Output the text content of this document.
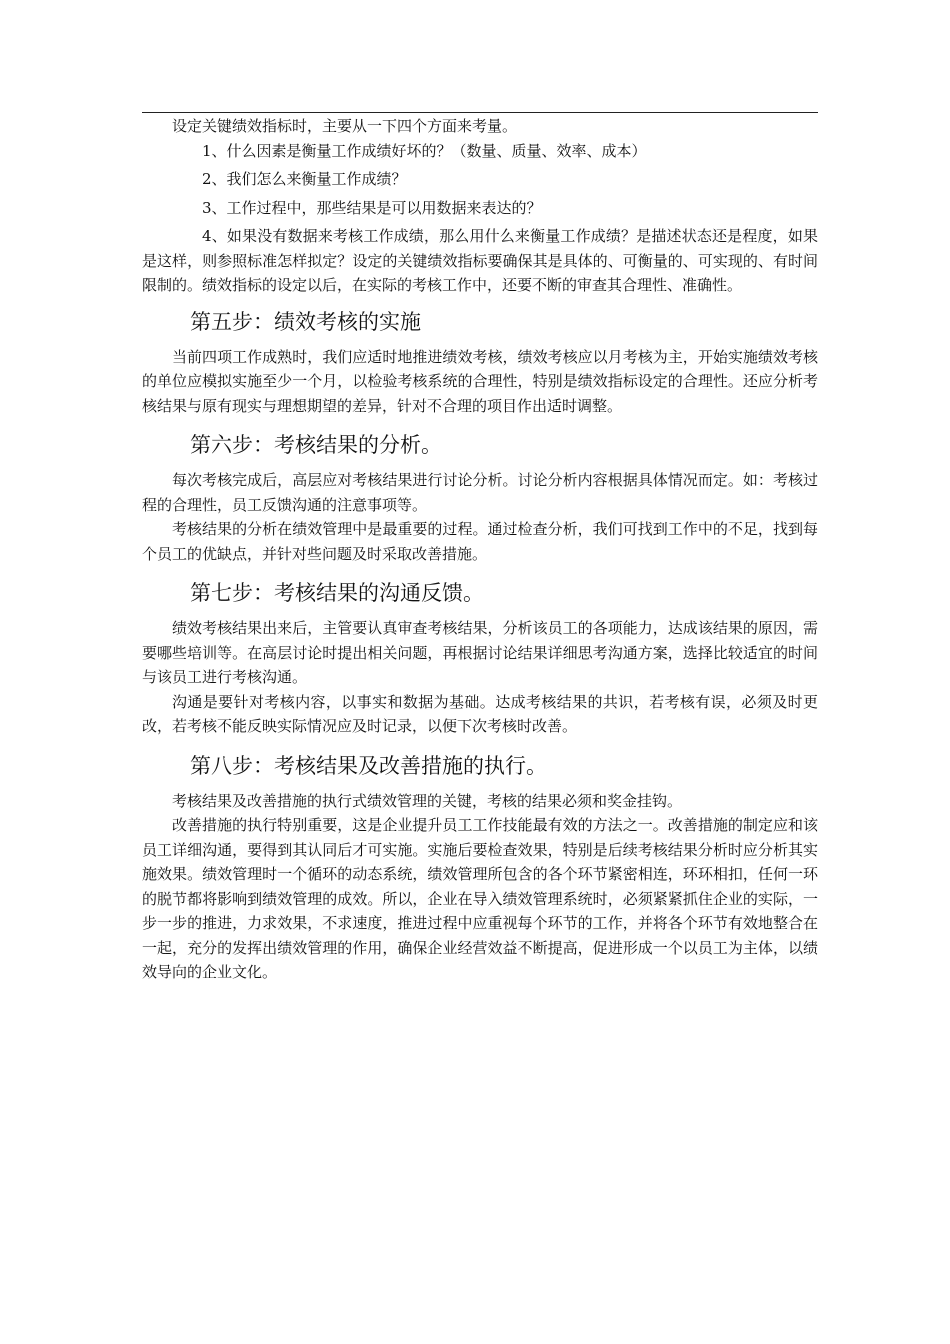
设定关键绩效指标时，主要从一下四个方面来考量。

1、什么因素是衡量工作成绩好坏的？（数量、质量、效率、成本）

2、我们怎么来衡量工作成绩？

3、工作过程中，那些结果是可以用数据来表达的？

4、如果没有数据来考核工作成绩，那么用什么来衡量工作成绩？是描述状态还是程度，如果是这样，则参照标准怎样拟定？设定的关键绩效指标要确保其是具体的、可衡量的、可实现的、有时间限制的。绩效指标的设定以后，在实际的考核工作中，还要不断的审查其合理性、准确性。

第五步：绩效考核的实施

当前四项工作成熟时，我们应适时地推进绩效考核，绩效考核应以月考核为主，开始实施绩效考核的单位应模拟实施至少一个月，以检验考核系统的合理性，特别是绩效指标设定的合理性。还应分析考核结果与原有现实与理想期望的差异，针对不合理的项目作出适时调整。

第六步：考核结果的分析。

每次考核完成后，高层应对考核结果进行讨论分析。讨论分析内容根据具体情况而定。如：考核过程的合理性，员工反馈沟通的注意事项等。

考核结果的分析在绩效管理中是最重要的过程。通过检查分析，我们可找到工作中的不足，找到每个员工的优缺点，并针对些问题及时采取改善措施。

第七步：考核结果的沟通反馈。

绩效考核结果出来后，主管要认真审查考核结果，分析该员工的各项能力，达成该结果的原因，需要哪些培训等。在高层讨论时提出相关问题，再根据讨论结果详细思考沟通方案，选择比较适宜的时间与该员工进行考核沟通。

沟通是要针对考核内容，以事实和数据为基础。达成考核结果的共识，若考核有误，必须及时更改，若考核不能反映实际情况应及时记录，以便下次考核时改善。

第八步：考核结果及改善措施的执行。

考核结果及改善措施的执行式绩效管理的关键，考核的结果必须和奖金挂钩。

改善措施的执行特别重要，这是企业提升员工工作技能最有效的方法之一。改善措施的制定应和该员工详细沟通，要得到其认同后才可实施。实施后要检查效果，特别是后续考核结果分析时应分析其实施效果。绩效管理时一个循环的动态系统，绩效管理所包含的各个环节紧密相连，环环相扣，任何一环的脱节都将影响到绩效管理的成效。所以，企业在导入绩效管理系统时，必须紧紧抓住企业的实际，一步一步的推进，力求效果，不求速度，推进过程中应重视每个环节的工作，并将各个环节有效地整合在一起，充分的发挥出绩效管理的作用，确保企业经营效益不断提高，促进形成一个以员工为主体，以绩效导向的企业文化。
